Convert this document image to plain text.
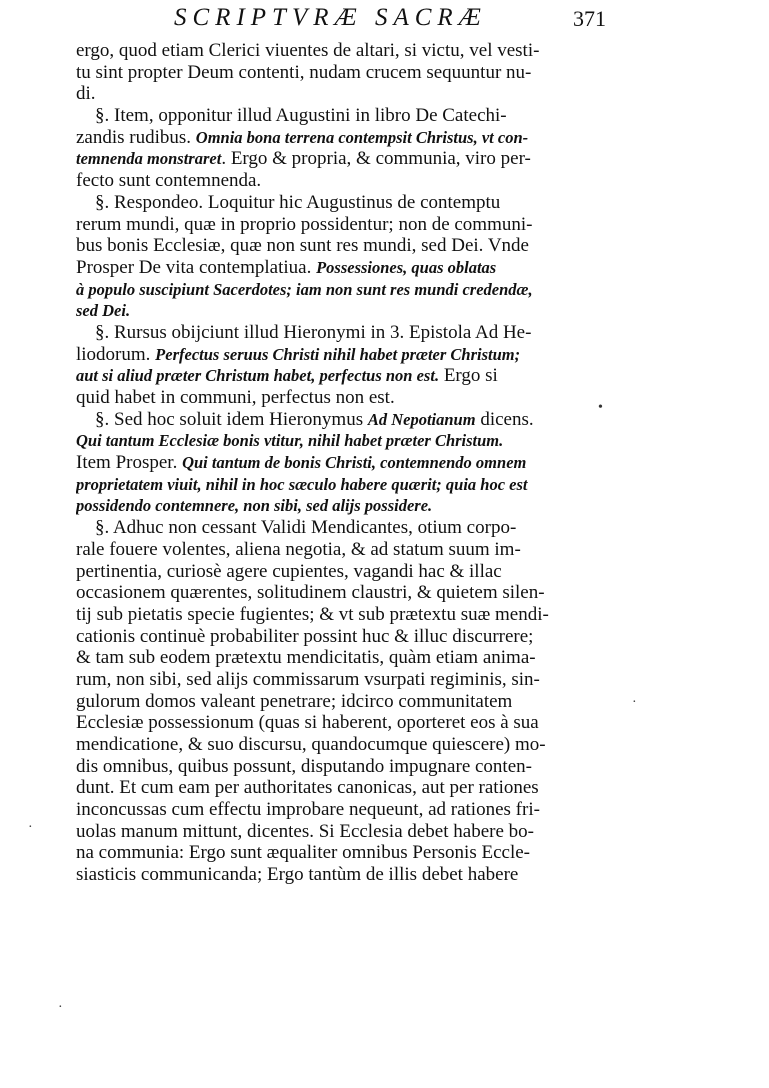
SCRIPTVRÆ SACRÆ	371
ergo, quod etiam Clerici viuentes de altari, si victu, vel vesti-
tu sint propter Deum contenti, nudam crucem sequuntur nu-
di.
§. Item, opponitur illud Augustini in libro De Catechi-
zandis rudibus. Omnia bona terrena contempsit Christus, vt con-
temnenda monstraret. Ergo & propria, & communia, viro per-
fecto sunt contemnenda.
§. Respondeo. Loquitur hic Augustinus de contemptu
rerum mundi, quæ in proprio possidentur; non de communi-
bus bonis Ecclesiæ, quæ non sunt res mundi, sed Dei. Vnde
Prosper De vita contemplatiua. Possessiones, quas oblatas
à populo suscipiunt Sacerdotes; iam non sunt res mundi credendæ,
sed Dei.
§. Rursus obijciunt illud Hieronymi in 3. Epistola Ad He-
liodorum. Perfectus seruus Christi nihil habet præter Christum;
aut si aliud præter Christum habet, perfectus non est. Ergo si
quid habet in communi, perfectus non est.
§. Sed hoc soluit idem Hieronymus Ad Nepotianum dicens.
Qui tantum Ecclesiæ bonis vtitur, nihil habet præter Christum.
Item Prosper. Qui tantum de bonis Christi, contemnendo omnem
proprietatem viuit, nihil in hoc sæculo habere quærit; quia hoc est
possidendo contemnere, non sibi, sed alijs possidere.
§. Adhuc non cessant Validi Mendicantes, otium corpo-
rale fouere volentes, aliena negotia, & ad statum suum im-
pertinentia, curiosè agere cupientes, vagandi hac & illac
occasionem quærentes, solitudinem claustri, & quietem silen-
tij sub pietatis specie fugientes; & vt sub prætextu suæ mendi-
cationis continuè probabiliter possint huc & illuc discurrere;
& tam sub eodem prætextu mendicitatis, quàm etiam anima-
rum, non sibi, sed alijs commissarum vsurpati regiminis, sin-
gulorum domos valeant penetrare; idcirco communitatem
Ecclesiæ possessionum (quas si haberent, oporteret eos à sua
mendicatione, & suo discursu, quandocumque quiescere) mo-
dis omnibus, quibus possunt, disputando impugnare conten-
dunt. Et cum eam per authoritates canonicas, aut per rationes
inconcussas cum effectu improbare nequeunt, ad rationes fri-
uolas manum mittunt, dicentes. Si Ecclesia debet habere bo-
na communia: Ergo sunt æqualiter omnibus Personis Eccle-
siasticis communicanda; Ergo tantùm de illis debet habere
•
·
·
·
